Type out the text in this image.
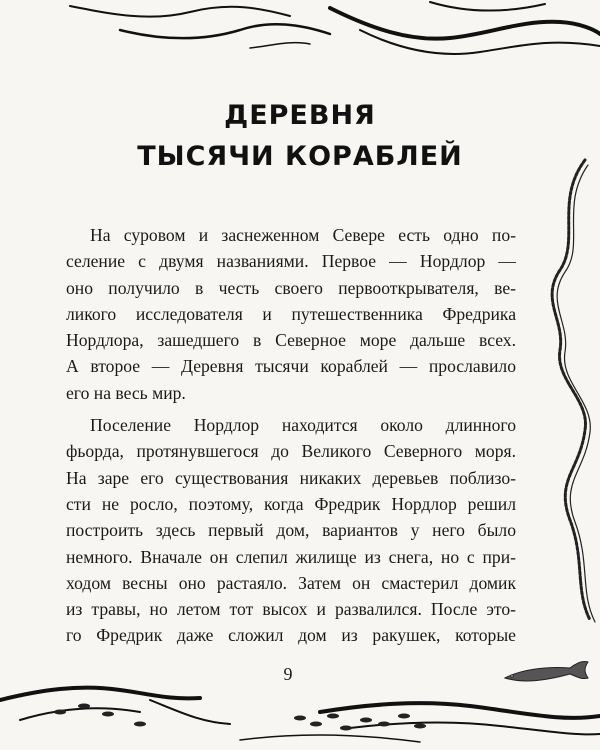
ДЕРЕВНЯ
ТЫСЯЧИ КОРАБЛЕЙ
На суровом и заснеженном Севере есть одно по-
селение с двумя названиями. Первое — Нордлор —
оно получило в честь своего первооткрывателя, ве-
ликого исследователя и путешественника Фредрика
Нордлора, зашедшего в Северное море дальше всех.
А второе — Деревня тысячи кораблей — прославило
его на весь мир.
Поселение Нордлор находится около длинного
фьорда, протянувшегося до Великого Северного моря.
На заре его существования никаких деревьев поблизо-
сти не росло, поэтому, когда Фредрик Нордлор решил
построить здесь первый дом, вариантов у него было
немного. Вначале он слепил жилище из снега, но с при-
ходом весны оно растаяло. Затем он смастерил домик
из травы, но летом тот высох и развалился. После это-
го Фредрик даже сложил дом из ракушек, которые
9
